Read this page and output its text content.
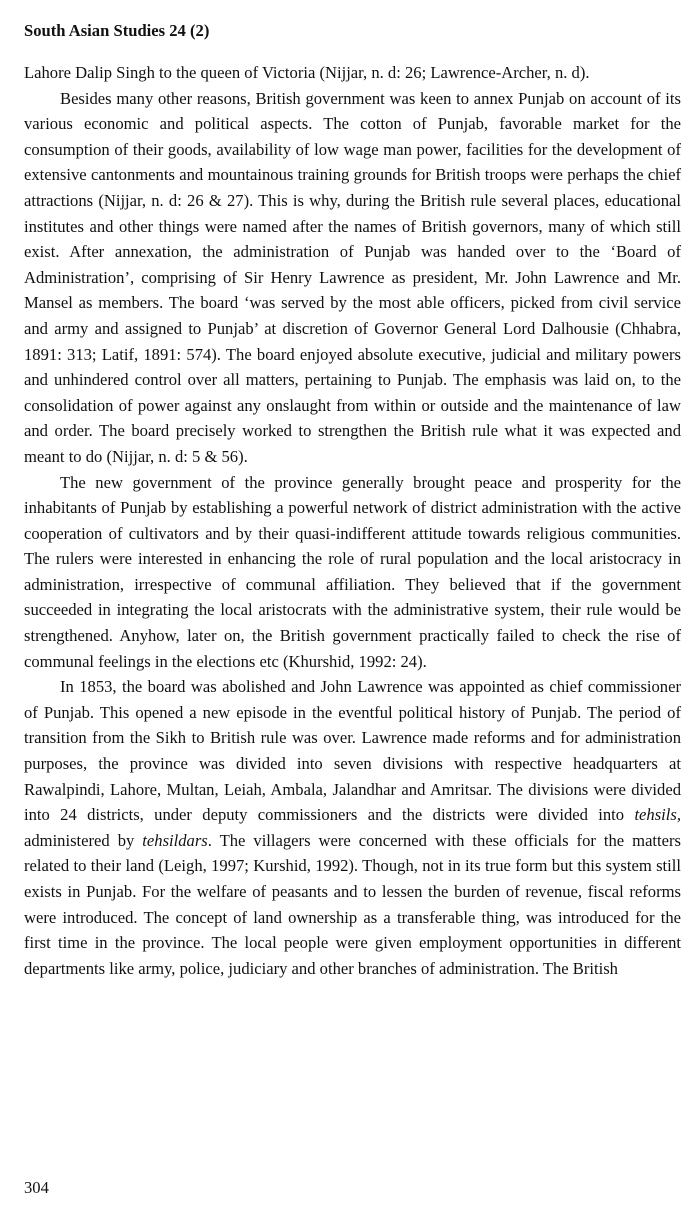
South Asian Studies 24 (2)

Lahore Dalip Singh to the queen of Victoria (Nijjar, n. d: 26; Lawrence-Archer, n. d).

Besides many other reasons, British government was keen to annex Punjab on account of its various economic and political aspects. The cotton of Punjab, favorable market for the consumption of their goods, availability of low wage man power, facilities for the development of extensive cantonments and mountainous training grounds for British troops were perhaps the chief attractions (Nijjar, n. d: 26 & 27). This is why, during the British rule several places, educational institutes and other things were named after the names of British governors, many of which still exist. After annexation, the administration of Punjab was handed over to the ‘Board of Administration’, comprising of Sir Henry Lawrence as president, Mr. John Lawrence and Mr. Mansel as members. The board ‘was served by the most able officers, picked from civil service and army and assigned to Punjab’ at discretion of Governor General Lord Dalhousie (Chhabra, 1891: 313; Latif, 1891: 574). The board enjoyed absolute executive, judicial and military powers and unhindered control over all matters, pertaining to Punjab. The emphasis was laid on, to the consolidation of power against any onslaught from within or outside and the maintenance of law and order. The board precisely worked to strengthen the British rule what it was expected and meant to do (Nijjar, n. d: 5 & 56).

The new government of the province generally brought peace and prosperity for the inhabitants of Punjab by establishing a powerful network of district administration with the active cooperation of cultivators and by their quasi-indifferent attitude towards religious communities. The rulers were interested in enhancing the role of rural population and the local aristocracy in administration, irrespective of communal affiliation. They believed that if the government succeeded in integrating the local aristocrats with the administrative system, their rule would be strengthened. Anyhow, later on, the British government practically failed to check the rise of communal feelings in the elections etc (Khurshid, 1992: 24).

In 1853, the board was abolished and John Lawrence was appointed as chief commissioner of Punjab. This opened a new episode in the eventful political history of Punjab. The period of transition from the Sikh to British rule was over. Lawrence made reforms and for administration purposes, the province was divided into seven divisions with respective headquarters at Rawalpindi, Lahore, Multan, Leiah, Ambala, Jalandhar and Amritsar. The divisions were divided into 24 districts, under deputy commissioners and the districts were divided into tehsils, administered by tehsildars. The villagers were concerned with these officials for the matters related to their land (Leigh, 1997; Kurshid, 1992). Though, not in its true form but this system still exists in Punjab. For the welfare of peasants and to lessen the burden of revenue, fiscal reforms were introduced. The concept of land ownership as a transferable thing, was introduced for the first time in the province. The local people were given employment opportunities in different departments like army, police, judiciary and other branches of administration. The British

304
